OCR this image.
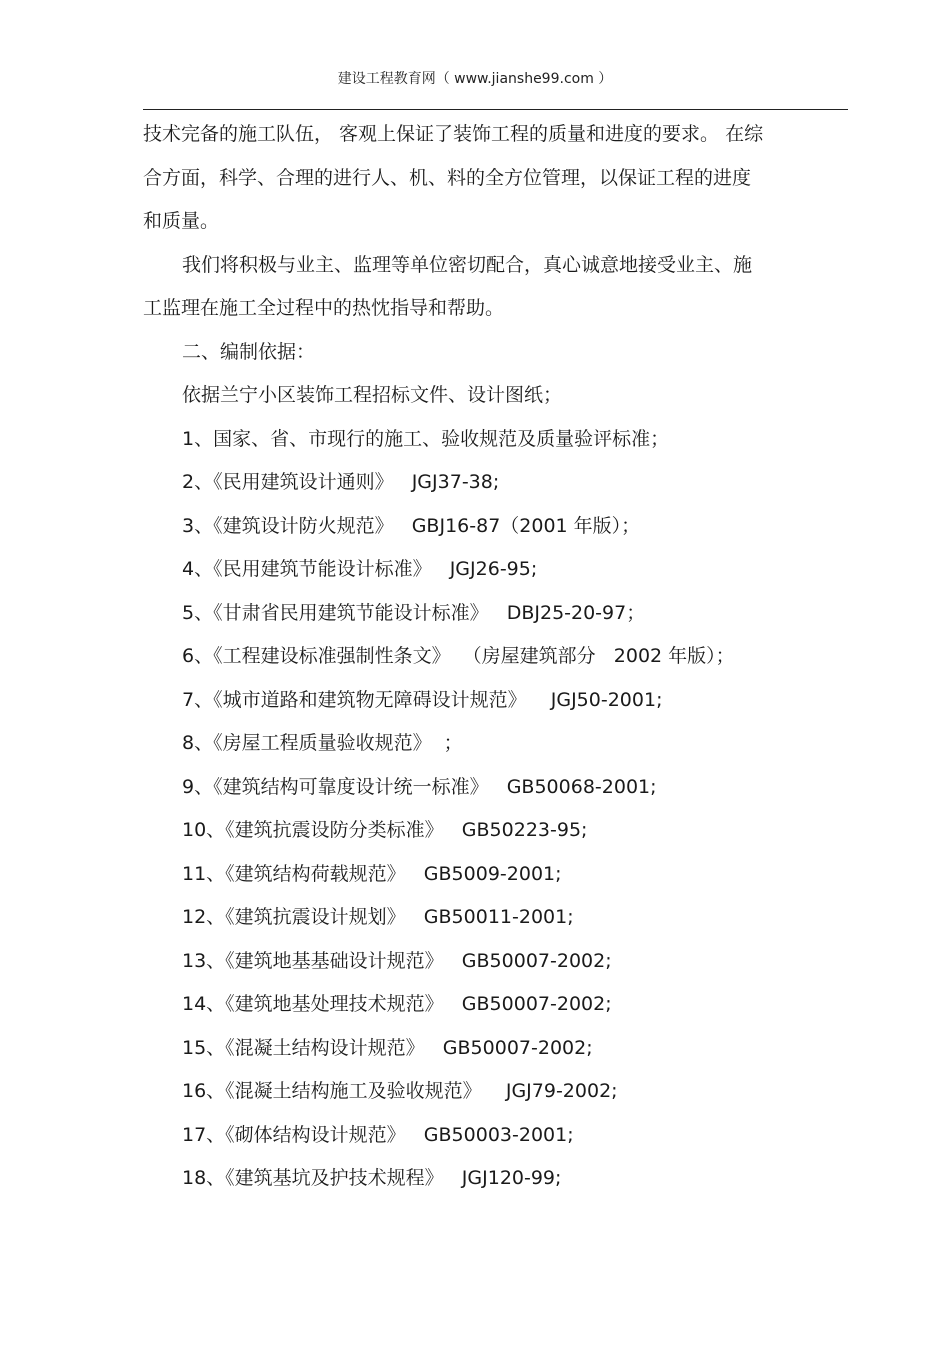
建设工程教育网（ www.jianshe99.com ）
技术完备的施工队伍， 客观上保证了装饰工程的质量和进度的要求。 在综
合方面，科学、合理的进行人、机、料的全方位管理，以保证工程的进度
和质量。
我们将积极与业主、监理等单位密切配合，真心诚意地接受业主、施
工监理在施工全过程中的热忱指导和帮助。
二、编制依据：
依据兰宁小区装饰工程招标文件、设计图纸；
1、国家、省、市现行的施工、验收规范及质量验评标准；
2、《民用建筑设计通则》   JGJ37-38;
3、《建筑设计防火规范》   GBJ16-87（2001 年版）；
4、《民用建筑节能设计标准》   JGJ26-95;
5、《甘肃省民用建筑节能设计标准》   DBJ25-20-97；
6、《工程建设标准强制性条文》  （房屋建筑部分   2002 年版）；
7、《城市道路和建筑物无障碍设计规范》    JGJ50-2001;
8、《房屋工程质量验收规范》  ；
9、《建筑结构可靠度设计统一标准》   GB50068-2001;
10、《建筑抗震设防分类标准》   GB50223-95;
11、《建筑结构荷载规范》   GB5009-2001;
12、《建筑抗震设计规划》   GB50011-2001;
13、《建筑地基基础设计规范》   GB50007-2002;
14、《建筑地基处理技术规范》   GB50007-2002;
15、《混凝土结构设计规范》   GB50007-2002;
16、《混凝土结构施工及验收规范》    JGJ79-2002;
17、《砌体结构设计规范》   GB50003-2001;
18、《建筑基坑及护技术规程》   JGJ120-99;
